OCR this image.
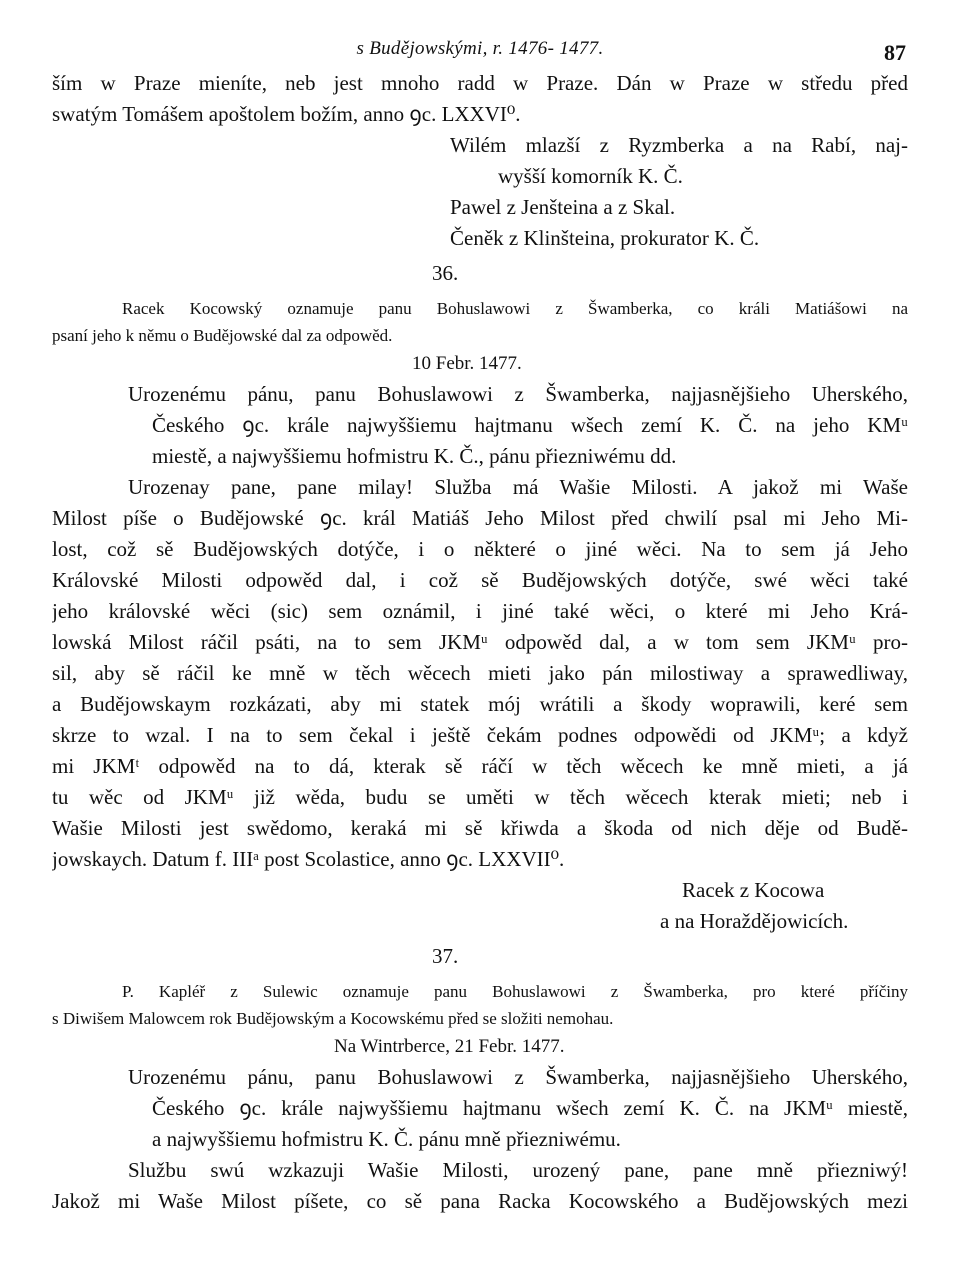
s Budějowskými, r. 1476- 1477.	87
ším w Praze mieníte, neb jest mnoho radd w Praze. Dán w Praze w středu před
swatým Tomášem apoštolem božím, anno ꝯc. LXXVI⁰.
Wilém mlazší z Ryzmberka a na Rabí, naj-
wyšší komorník K. Č.
Pawel z Jenšteina a z Skal.
Čeněk z Klinšteina, prokurator K. Č.
36.
Racek Kocowský oznamuje panu Bohuslawowi z Šwamberka, co králi Matiášowi na
psaní jeho k němu o Budějowské dal za odpowěd.
10 Febr. 1477.
Urozenému pánu, panu Bohuslawowi z Šwamberka, najjasnějšieho Uherského,
Českého ꝯc. krále najwyššiemu hajtmanu wšech zemí K. Č. na jeho KMᵘ
miestě, a najwyššiemu hofmistru K. Č., pánu přiezniwému dd.
Urozenay pane, pane milay! Služba má Wašie Milosti. A jakož mi Waše
Milost píše o Budějowské ꝯc. král Matiáš Jeho Milost před chwilí psal mi Jeho Mi-
lost, což sě Budějowských dotýče, i o některé o jiné wěci. Na to sem já Jeho
Královské Milosti odpowěd dal, i což sě Budějowských dotýče, swé wěci také
jeho královské wěci (sic) sem oznámil, i jiné také wěci, o které mi Jeho Krá-
lowská Milost ráčil psáti, na to sem JKMᵘ odpowěd dal, a w tom sem JKMᵘ pro-
sil, aby sě ráčil ke mně w těch wěcech mieti jako pán milostiway a sprawedliway,
a Budějowskaym rozkázati, aby mi statek mój wrátili a škody woprawili, keré sem
skrze to wzal. I na to sem čekal i ještě čekám podnes odpowědi od JKMᵘ; a když
mi JKMᵗ odpowěd na to dá, kterak sě ráčí w těch wěcech ke mně mieti, a já
tu wěc od JKMᵘ již wěda, budu se uměti w těch wěcech kterak mieti; neb i
Wašie Milosti jest swědomo, keraká mi sě křiwda a škoda od nich děje od Budě-
jowskaych. Datum f. IIIᵃ post Scolastice, anno ꝯc. LXXVII⁰.
Racek z Kocowa
a na Horaždějowicích.
37.
P. Kapléř z Sulewic oznamuje panu Bohuslawowi z Šwamberka, pro které příčiny
s Diwišem Malowcem rok Budějowským a Kocowskému před se složiti nemohau.
Na Wintrberce, 21 Febr. 1477.
Urozenému pánu, panu Bohuslawowi z Šwamberka, najjasnějšieho Uherského,
Českého ꝯc. krále najwyššiemu hajtmanu wšech zemí K. Č. na JKMᵘ miestě,
a najwyššiemu hofmistru K. Č. pánu mně přiezniwému.
Službu swú wzkazuji Wašie Milosti, urozený pane, pane mně přiezniwý!
Jakož mi Waše Milost píšete, co sě pana Racka Kocowského a Budějowských mezi
